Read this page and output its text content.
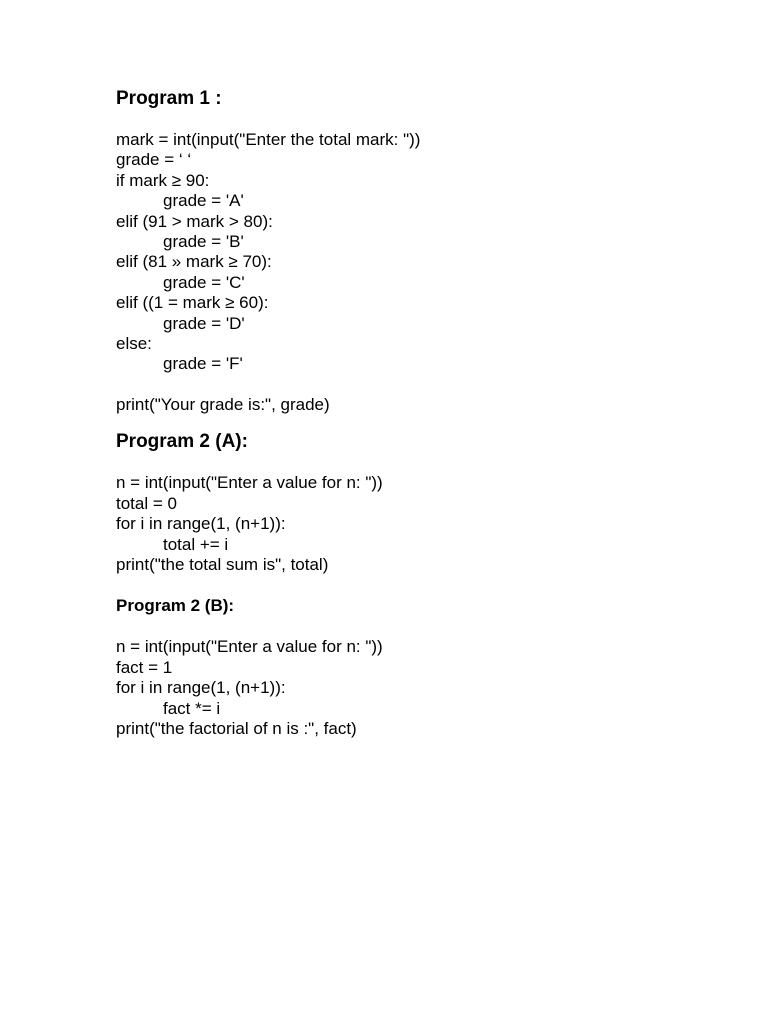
Program 1 :
mark = int(input("Enter the total mark: "))
grade = ‘ ‘
if mark ≥ 90:
grade = 'A'
elif (91 > mark > 80):
grade = 'B'
elif (81 » mark ≥ 70):
grade = 'C'
elif ((1 = mark ≥ 60):
grade = 'D'
else:
grade = 'F'
print("Your grade is:", grade)
Program 2 (A):
n = int(input("Enter a value for n: "))
total = 0
for i in range(1, (n+1)):
total += i
print("the total sum is", total)
Program 2 (B):
n = int(input("Enter a value for n: "))
fact = 1
for i in range(1, (n+1)):
fact *= i
print("the factorial of n is :", fact)
